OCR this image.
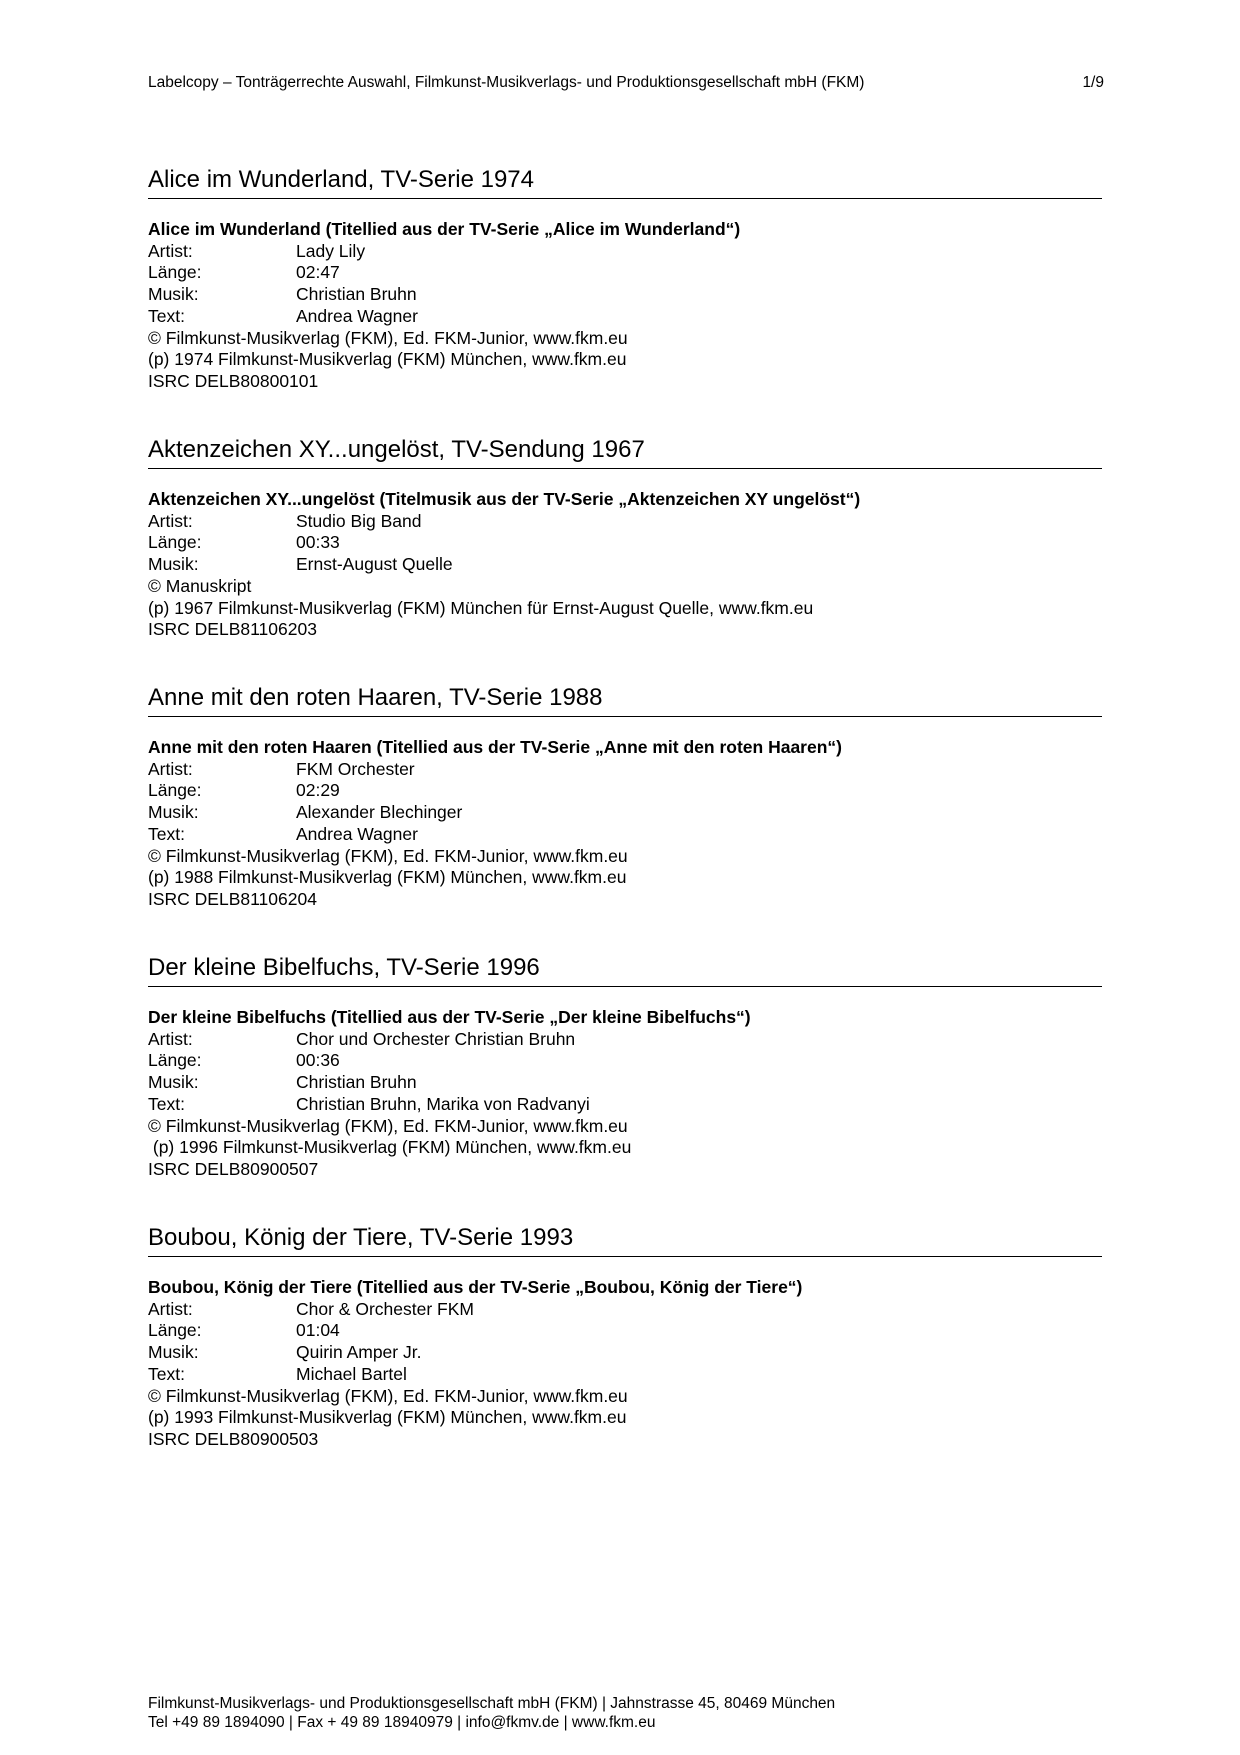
Labelcopy – Tonträgerrechte Auswahl, Filmkunst-Musikverlags- und Produktionsgesellschaft mbH (FKM)	1/9
Alice im Wunderland, TV-Serie 1974
Alice im Wunderland (Titellied aus der TV-Serie „Alice im Wunderland“)
Artist:	Lady Lily
Länge:	02:47
Musik:	Christian Bruhn
Text:	Andrea Wagner
© Filmkunst-Musikverlag (FKM), Ed. FKM-Junior, www.fkm.eu
(p) 1974 Filmkunst-Musikverlag (FKM) München, www.fkm.eu
ISRC DELB80800101
Aktenzeichen XY...ungelöst, TV-Sendung 1967
Aktenzeichen XY...ungelöst (Titelmusik aus der TV-Serie „Aktenzeichen XY ungelöst“)
Artist:	Studio Big Band
Länge:	00:33
Musik:	Ernst-August Quelle
© Manuskript
(p) 1967 Filmkunst-Musikverlag (FKM) München für Ernst-August Quelle, www.fkm.eu
ISRC DELB81106203
Anne mit den roten Haaren, TV-Serie 1988
Anne mit den roten Haaren (Titellied aus der TV-Serie „Anne mit den roten Haaren“)
Artist:	FKM Orchester
Länge:	02:29
Musik:	Alexander Blechinger
Text:	Andrea Wagner
© Filmkunst-Musikverlag (FKM), Ed. FKM-Junior, www.fkm.eu
(p) 1988 Filmkunst-Musikverlag (FKM) München, www.fkm.eu
ISRC DELB81106204
Der kleine Bibelfuchs, TV-Serie 1996
Der kleine Bibelfuchs (Titellied aus der TV-Serie „Der kleine Bibelfuchs“)
Artist:	Chor und Orchester Christian Bruhn
Länge:	00:36
Musik:	Christian Bruhn
Text:	Christian Bruhn, Marika von Radvanyi
© Filmkunst-Musikverlag (FKM), Ed. FKM-Junior, www.fkm.eu
(p) 1996 Filmkunst-Musikverlag (FKM) München, www.fkm.eu
ISRC DELB80900507
Boubou, König der Tiere, TV-Serie 1993
Boubou, König der Tiere (Titellied aus der TV-Serie „Boubou, König der Tiere“)
Artist:	Chor & Orchester FKM
Länge:	01:04
Musik:	Quirin Amper Jr.
Text:	Michael Bartel
© Filmkunst-Musikverlag (FKM), Ed. FKM-Junior, www.fkm.eu
(p) 1993 Filmkunst-Musikverlag (FKM) München, www.fkm.eu
ISRC DELB80900503
Filmkunst-Musikverlags- und Produktionsgesellschaft mbH (FKM) | Jahnstrasse 45, 80469 München
Tel +49 89 1894090 | Fax + 49 89 18940979 | info@fkmv.de | www.fkm.eu
